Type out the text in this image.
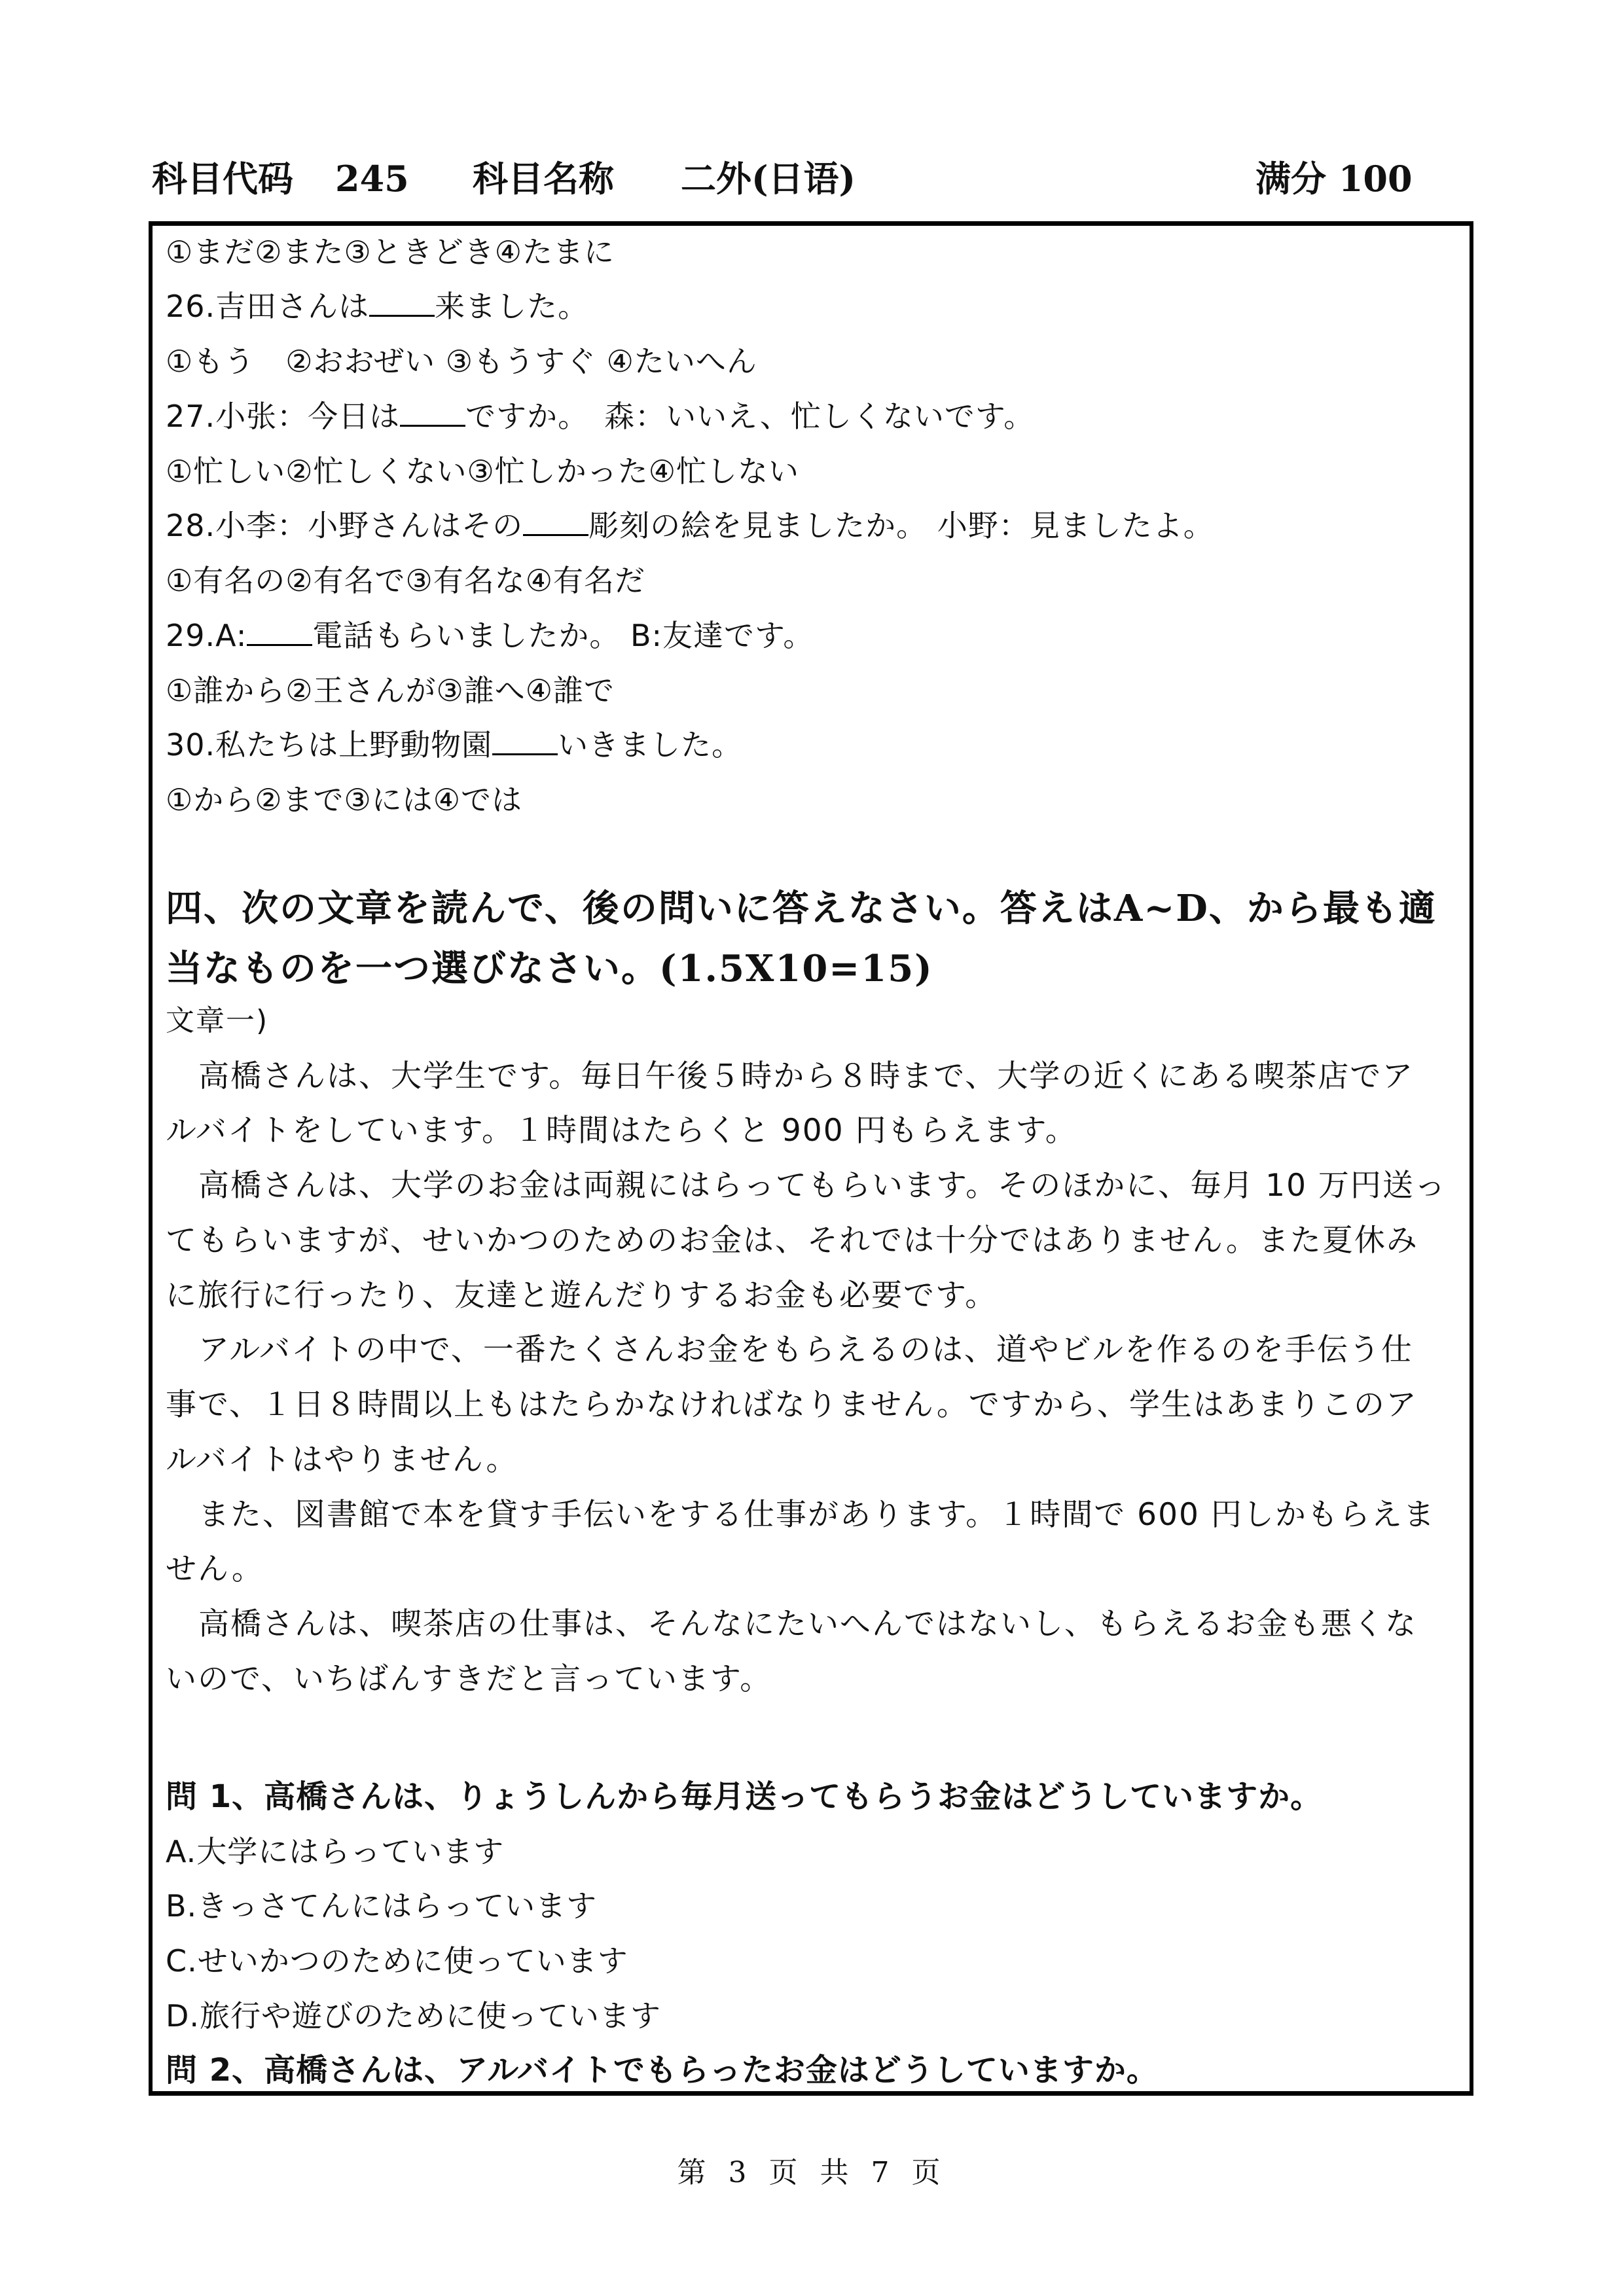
科目代码 245 科目名称 二外(日语)	满分 100
①まだ②また③ときどき④たまに
26.吉田さんは 来ました。
①もう　②おおぜい ③もうすぐ ④たいへん
27.小张：今日は ですか。　森：いいえ、忙しくないです。
①忙しい②忙しくない③忙しかった④忙しない
28.小李：小野さんはその 彫刻の絵を見ましたか。 小野：見ましたよ。
①有名の②有名で③有名な④有名だ
29.A: 電話もらいましたか。 B:友達です。
①誰から②王さんが③誰へ④誰で
30.私たちは上野動物園 いきました。
①から②まで③には④では
四、次の文章を読んで、後の問いに答えなさい。答えはA~D、から最も適
当なものを一つ選びなさい。(1.5X10=15)
文章一)
高橋さんは、大学生です。毎日午後５時から８時まで、大学の近くにある喫茶店でア
ルバイトをしています。１時間はたらくと 900 円もらえます。
高橋さんは、大学のお金は両親にはらってもらいます。そのほかに、毎月 10 万円送っ
てもらいますが、せいかつのためのお金は、それでは十分ではありません。また夏休み
に旅行に行ったり、友達と遊んだりするお金も必要です。
アルバイトの中で、一番たくさんお金をもらえるのは、道やビルを作るのを手伝う仕
事で、１日８時間以上もはたらかなければなりません。ですから、学生はあまりこのア
ルバイトはやりません。
また、図書館で本を貸す手伝いをする仕事があります。１時間で 600 円しかもらえま
せん。
高橋さんは、喫茶店の仕事は、そんなにたいへんではないし、もらえるお金も悪くな
いので、いちばんすきだと言っています。
問 1、高橋さんは、りょうしんから毎月送ってもらうお金はどうしていますか。
A.大学にはらっています
B.きっさてんにはらっています
C.せいかつのために使っています
D.旅行や遊びのために使っています
問 2、高橋さんは、アルバイトでもらったお金はどうしていますか。
第 3 页 共 7 页
